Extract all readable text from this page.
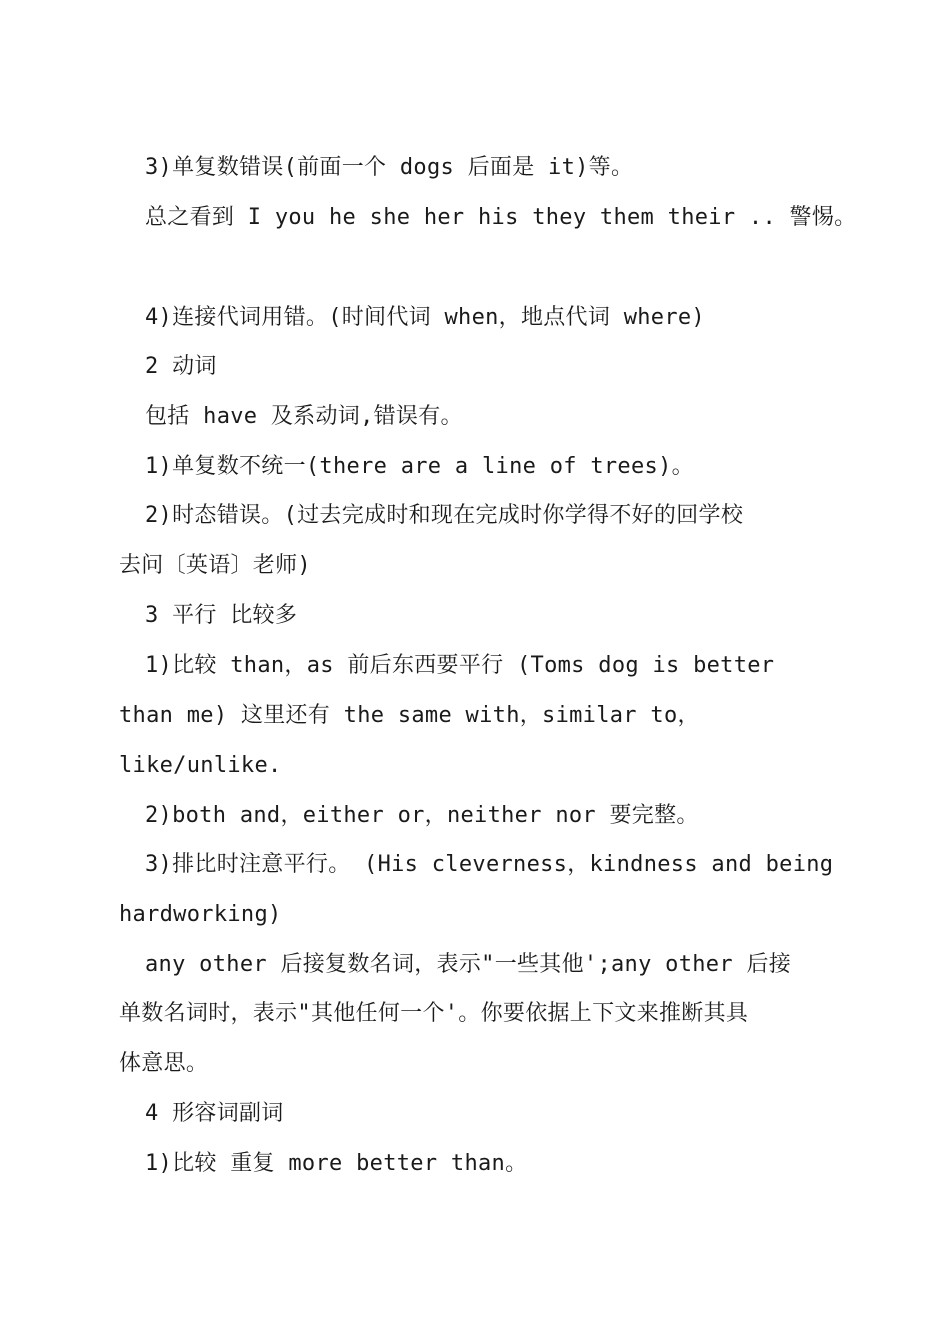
3)单复数错误(前面一个 dogs 后面是 it)等。
总之看到 I you he she her his they them their .. 警惕。
4)连接代词用错。(时间代词 when，地点代词 where)
2 动词
包括 have 及系动词,错误有。
1)单复数不统一(there are a line of trees)。
2)时态错误。(过去完成时和现在完成时你学得不好的回学校
去问〔英语〕老师)
3 平行 比较多
1)比较 than，as 前后东西要平行 (Toms dog is better
than me) 这里还有 the same with，similar to，
like/unlike.
2)both and，either or，neither nor 要完整。
3)排比时注意平行。 (His cleverness，kindness and being
hardworking)
any other 后接复数名词，表示"一些其他';any other 后接
单数名词时，表示"其他任何一个'。你要依据上下文来推断其具
体意思。
4 形容词副词
1)比较 重复 more better than。
